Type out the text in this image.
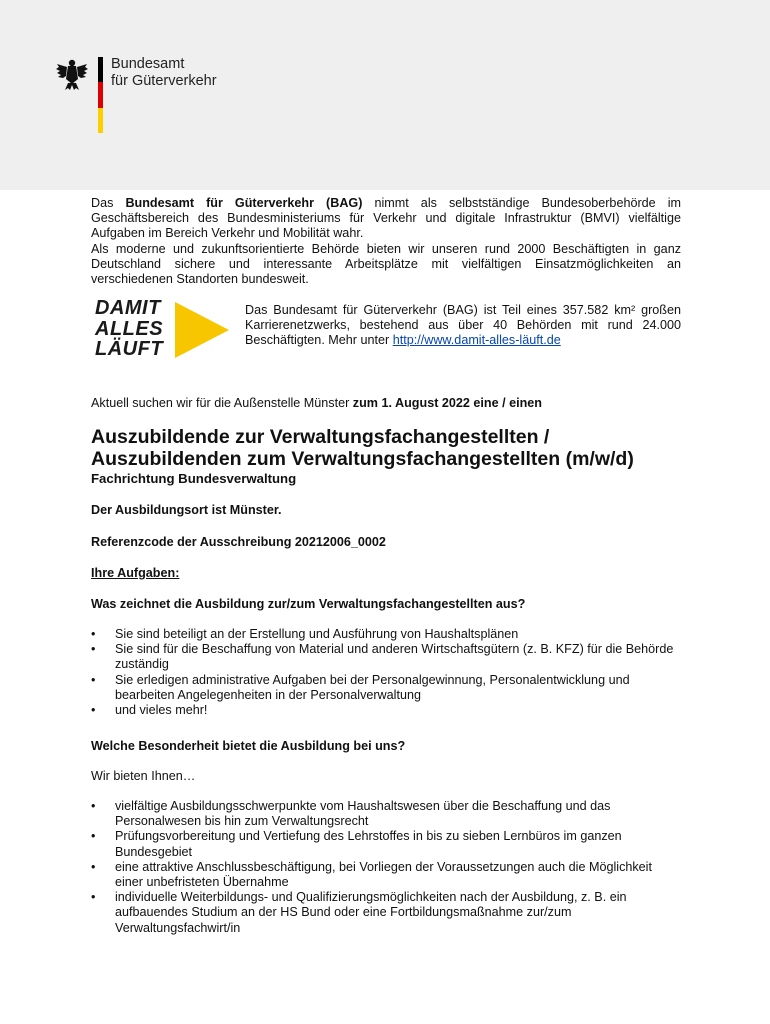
Bundesamt
für Güterverkehr

Das Bundesamt für Güterverkehr (BAG) nimmt als selbstständige Bundesoberbehörde im Geschäftsbereich des Bundesministeriums für Verkehr und digitale Infrastruktur (BMVI) vielfältige Aufgaben im Bereich Verkehr und Mobilität wahr.

Als moderne und zukunftsorientierte Behörde bieten wir unseren rund 2000 Beschäftigten in ganz Deutschland sichere und interessante Arbeitsplätze mit vielfältigen Einsatzmöglichkeiten an verschiedenen Standorten bundesweit.

DAMIT
ALLES
LÄUFT

Das Bundesamt für Güterverkehr (BAG) ist Teil eines 357.582 km² großen Karrierenetzwerks, bestehend aus über 40 Behörden mit rund 24.000 Beschäftigten. Mehr unter http://www.damit-alles-läuft.de

Aktuell suchen wir für die Außenstelle Münster zum 1. August 2022 eine / einen

Auszubildende zur Verwaltungsfachangestellten /
Auszubildenden zum Verwaltungsfachangestellten (m/w/d)
Fachrichtung Bundesverwaltung

Der Ausbildungsort ist Münster.

Referenzcode der Ausschreibung 20212006_0002

Ihre Aufgaben:

Was zeichnet die Ausbildung zur/zum Verwaltungsfachangestellten aus?

• Sie sind beteiligt an der Erstellung und Ausführung von Haushaltsplänen
• Sie sind für die Beschaffung von Material und anderen Wirtschaftsgütern (z. B. KFZ) für die Behörde zuständig
• Sie erledigen administrative Aufgaben bei der Personalgewinnung, Personalentwicklung und bearbeiten Angelegenheiten in der Personalverwaltung
• und vieles mehr!

Welche Besonderheit bietet die Ausbildung bei uns?

Wir bieten Ihnen…

• vielfältige Ausbildungsschwerpunkte vom Haushaltswesen über die Beschaffung und das Personalwesen bis hin zum Verwaltungsrecht
• Prüfungsvorbereitung und Vertiefung des Lehrstoffes in bis zu sieben Lernbüros im ganzen Bundesgebiet
• eine attraktive Anschlussbeschäftigung, bei Vorliegen der Voraussetzungen auch die Möglichkeit einer unbefristeten Übernahme
• individuelle Weiterbildungs- und Qualifizierungsmöglichkeiten nach der Ausbildung, z. B. ein aufbauendes Studium an der HS Bund oder eine Fortbildungsmaßnahme zur/zum Verwaltungsfachwirt/in
